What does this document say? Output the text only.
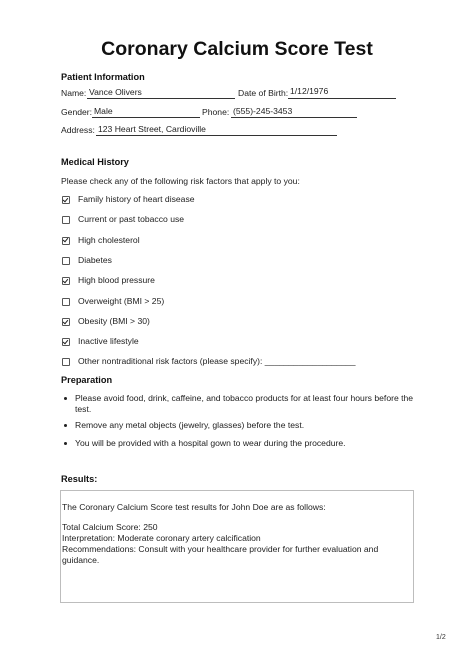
Coronary Calcium Score Test
Patient Information
Name: Vance Olivers	Date of Birth: 1/12/1976
Gender: Male	Phone: (555)-245-3453
Address: 123 Heart Street, Cardioville
Medical History
Please check any of the following risk factors that apply to you:
Family history of heart disease
Current or past tobacco use
High cholesterol
Diabetes
High blood pressure
Overweight (BMI > 25)
Obesity (BMI > 30)
Inactive lifestyle
Other nontraditional risk factors (please specify): ___________________
Preparation
Please avoid food, drink, caffeine, and tobacco products for at least four hours before the
test.
Remove any metal objects (jewelry, glasses) before the test.
You will be provided with a hospital gown to wear during the procedure.
Results:
The Coronary Calcium Score test results for John Doe are as follows:
Total Calcium Score: 250
Interpretation: Moderate coronary artery calcification
Recommendations: Consult with your healthcare provider for further evaluation and
guidance.
1/2
